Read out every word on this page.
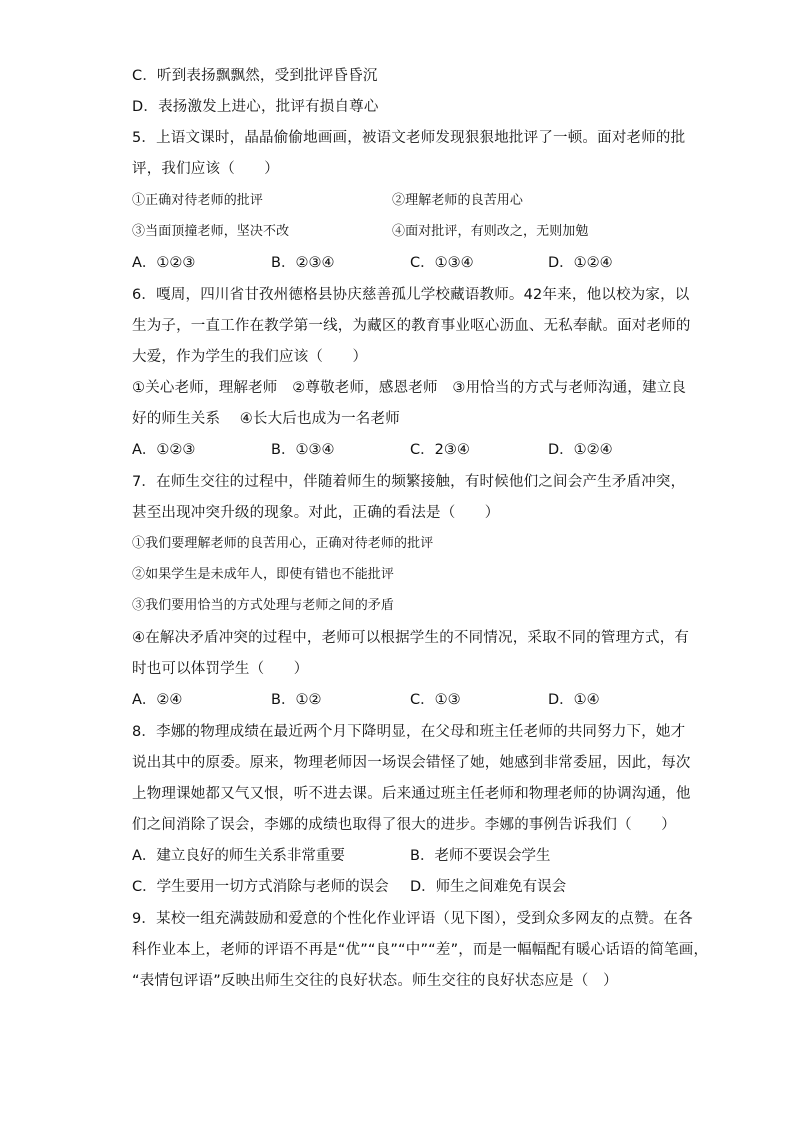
C．听到表扬飘飘然，受到批评昏昏沉
D．表扬激发上进心，批评有损自尊心
5．上语文课时，晶晶偷偷地画画，被语文老师发现狠狠地批评了一顿。面对老师的批
评，我们应该（　　）
①正确对待老师的批评	②理解老师的良苦用心
③当面顶撞老师，坚决不改	④面对批评，有则改之，无则加勉
A．①②③	B．②③④	C．①③④	D．①②④
6．嘎周，四川省甘孜州德格县协庆慈善孤儿学校藏语教师。42年来，他以校为家，以
生为子，一直工作在教学第一线，为藏区的教育事业呕心沥血、无私奉献。面对老师的
大爱，作为学生的我们应该（　　）
①关心老师，理解老师　②尊敬老师，感恩老师　③用恰当的方式与老师沟通，建立良
好的师生关系　 ④长大后也成为一名老师
A．①②③	B．①③④	C．2③④	D．①②④
7．在师生交往的过程中，伴随着师生的频繁接触，有时候他们之间会产生矛盾冲突，
甚至出现冲突升级的现象。对此，正确的看法是（　　）
①我们要理解老师的良苦用心，正确对待老师的批评
②如果学生是未成年人，即使有错也不能批评
③我们要用恰当的方式处理与老师之间的矛盾
④在解决矛盾冲突的过程中，老师可以根据学生的不同情况，采取不同的管理方式，有
时也可以体罚学生（　　）
A．②④	B．①②	C．①③	D．①④
8．李娜的物理成绩在最近两个月下降明显，在父母和班主任老师的共同努力下，她才
说出其中的原委。原来，物理老师因一场误会错怪了她，她感到非常委屈，因此，每次
上物理课她都又气又恨，听不进去课。后来通过班主任老师和物理老师的协调沟通，他
们之间消除了误会，李娜的成绩也取得了很大的进步。李娜的事例告诉我们（　　）
A．建立良好的师生关系非常重要	B．老师不要误会学生
C．学生要用一切方式消除与老师的误会 D．师生之间难免有误会
9．某校一组充满鼓励和爱意的个性化作业评语（见下图），受到众多网友的点赞。在各
科作业本上，老师的评语不再是“优”“良”“中”“差”，而是一幅幅配有暖心话语的简笔画，
“表情包评语”反映出师生交往的良好状态。师生交往的良好状态应是（　）
